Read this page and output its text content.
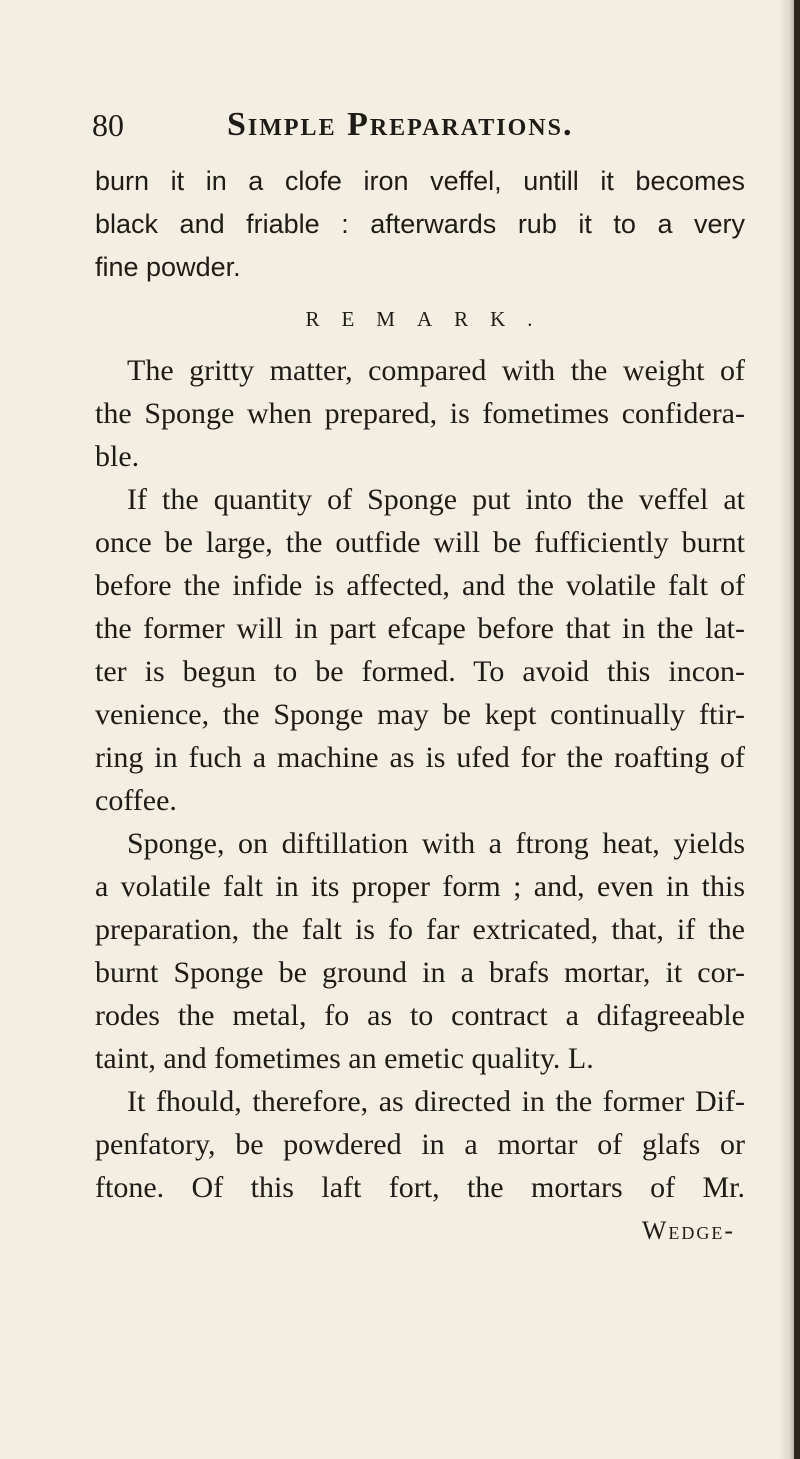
80	Simple Preparations.
burn it in a clofe iron veffel, untill it becomes
black and friable : afterwards rub it to a very
fine powder.
REMARK.
The gritty matter, compared with the weight of
the Sponge when prepared, is fometimes confidera-
ble.
If the quantity of Sponge put into the veffel at
once be large, the outfide will be fufficiently burnt
before the infide is affected, and the volatile falt of
the former will in part efcape before that in the lat-
ter is begun to be formed. To avoid this incon-
venience, the Sponge may be kept continually ftir-
ring in fuch a machine as is ufed for the roafting of
coffee.
Sponge, on diftillation with a ftrong heat, yields
a volatile falt in its proper form ; and, even in this
preparation, the falt is fo far extricated, that, if the
burnt Sponge be ground in a brafs mortar, it cor-
rodes the metal, fo as to contract a difagreeable
taint, and fometimes an emetic quality. L.
It fhould, therefore, as directed in the former Dif-
penfatory, be powdered in a mortar of glafs or
ftone. Of this laft fort, the mortars of Mr.
Wedge-
